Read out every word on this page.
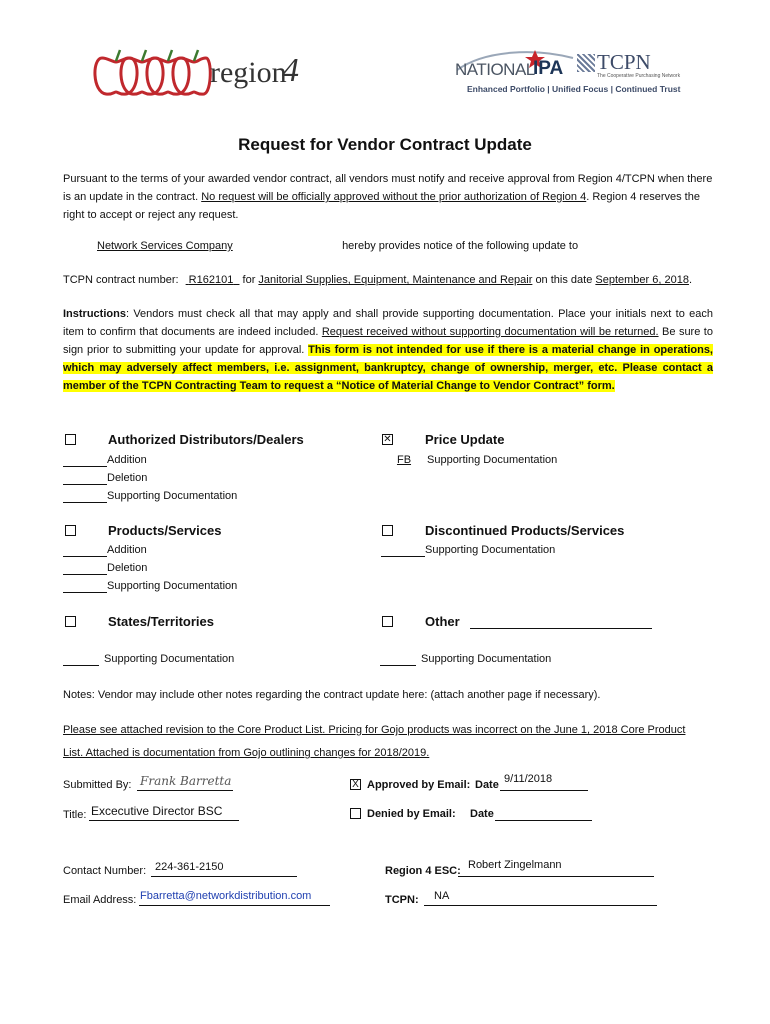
region
4	NATIONAL
IPA TCPN
The Cooperative Purchasing Network
Enhanced Portfolio | Unified Focus | Continued Trust
Request for Vendor Contract Update
Pursuant to the terms of your awarded vendor contract, all vendors must notify and receive approval from Region 4/TCPN when there is an update in the contract. No request will be officially approved without the prior authorization of Region 4. Region 4 reserves the right to accept or reject any request.
Network Services Company	hereby provides notice of the following update to
TCPN contract number: R162101 for Janitorial Supplies, Equipment, Maintenance and Repair on this date September 6, 2018.
Instructions: Vendors must check all that may apply and shall provide supporting documentation. Place your initials next to each item to confirm that documents are indeed included. Request received without supporting documentation will be returned. Be sure to sign prior to submitting your update for approval. This form is not intended for use if there is a material change in operations, which may adversely affect members, i.e. assignment, bankruptcy, change of ownership, merger, etc. Please contact a member of the TCPN Contracting Team to request a “Notice of Material Change to Vendor Contract” form.
Authorized Distributors/Dealers
Addition
Deletion
Supporting Documentation
✕	Price Update
FB Supporting Documentation
Products/Services
Addition
Deletion
Supporting Documentation
Discontinued Products/Services
Supporting Documentation
States/Territories
Supporting Documentation
Other
Supporting Documentation
Notes: Vendor may include other notes regarding the contract update here: (attach another page if necessary).
Please see attached revision to the Core Product List. Pricing for Gojo products was incorrect on the June 1, 2018 Core Product
List. Attached is documentation from Gojo outlining changes for 2018/2019.
Submitted By: Frank Barretta
Title: Excecutive Director BSC
Contact Number: 224-361-2150
Email Address: Fbarretta@networkdistribution.com
X Approved by Email: Date 9/11/2018
Denied by Email: Date
Region 4 ESC: Robert Zingelmann
TCPN: NA
